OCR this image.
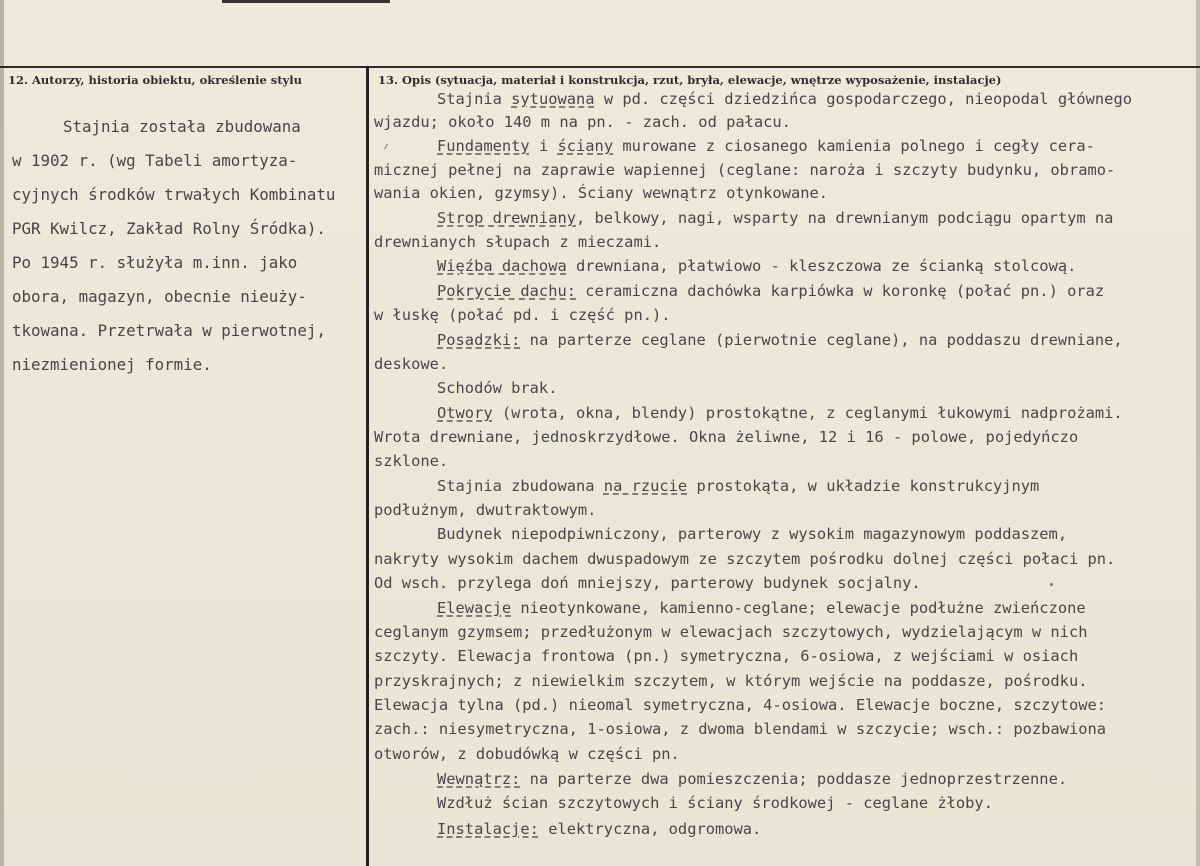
12. Autorzy, historia obiektu, określenie stylu	13. Opis (sytuacja, materiał i konstrukcja, rzut, bryła, elewacje, wnętrze wyposażenie, instalacje)
Stajnia została zbudowana
w 1902 r. (wg Tabeli amortyza-
cyjnych środków trwałych Kombinatu
PGR Kwilcz, Zakład Rolny Śródka).
Po 1945 r. służyła m.inn. jako
obora, magazyn, obecnie nieuży-
tkowana. Przetrwała w pierwotnej,
niezmienionej formie.
Stajnia sytuowana w pd. części dziedzińca gospodarczego, nieopodal głównego
wjazdu; około 140 m na pn. - zach. od pałacu.
Fundamenty i ściany murowane z ciosanego kamienia polnego i cegły cera-
micznej pełnej na zaprawie wapiennej (ceglane: naroża i szczyty budynku, obramo-
wania okien, gzymsy). Ściany wewnątrz otynkowane.
Strop drewniany, belkowy, nagi, wsparty na drewnianym podciągu opartym na
drewnianych słupach z mieczami.
Więźba dachowa drewniana, płatwiowo - kleszczowa ze ścianką stolcową.
Pokrycie dachu: ceramiczna dachówka karpiówka w koronkę (połać pn.) oraz
w łuskę (połać pd. i część pn.).
Posadzki: na parterze ceglane (pierwotnie ceglane), na poddaszu drewniane,
deskowe.
Schodów brak.
Otwory (wrota, okna, blendy) prostokątne, z ceglanymi łukowymi nadprożami.
Wrota drewniane, jednoskrzydłowe. Okna żeliwne, 12 i 16 - polowe, pojedyńczo
szklone.
Stajnia zbudowana na rzucie prostokąta, w układzie konstrukcyjnym
podłużnym, dwutraktowym.
Budynek niepodpiwniczony, parterowy z wysokim magazynowym poddaszem,
nakryty wysokim dachem dwuspadowym ze szczytem pośrodku dolnej części połaci pn.
Od wsch. przylega doń mniejszy, parterowy budynek socjalny.
Elewacje nieotynkowane, kamienno-ceglane; elewacje podłużne zwieńczone
ceglanym gzymsem; przedłużonym w elewacjach szczytowych, wydzielającym w nich
szczyty. Elewacja frontowa (pn.) symetryczna, 6-osiowa, z wejściami w osiach
przyskrajnych; z niewielkim szczytem, w którym wejście na poddasze, pośrodku.
Elewacja tylna (pd.) nieomal symetryczna, 4-osiowa. Elewacje boczne, szczytowe:
zach.: niesymetryczna, 1-osiowa, z dwoma blendami w szczycie; wsch.: pozbawiona
otworów, z dobudówką w części pn.
Wewnątrz: na parterze dwa pomieszczenia; poddasze jednoprzestrzenne.
Wzdłuż ścian szczytowych i ściany środkowej - ceglane żłoby.
Instalacje: elektryczna, odgromowa.
